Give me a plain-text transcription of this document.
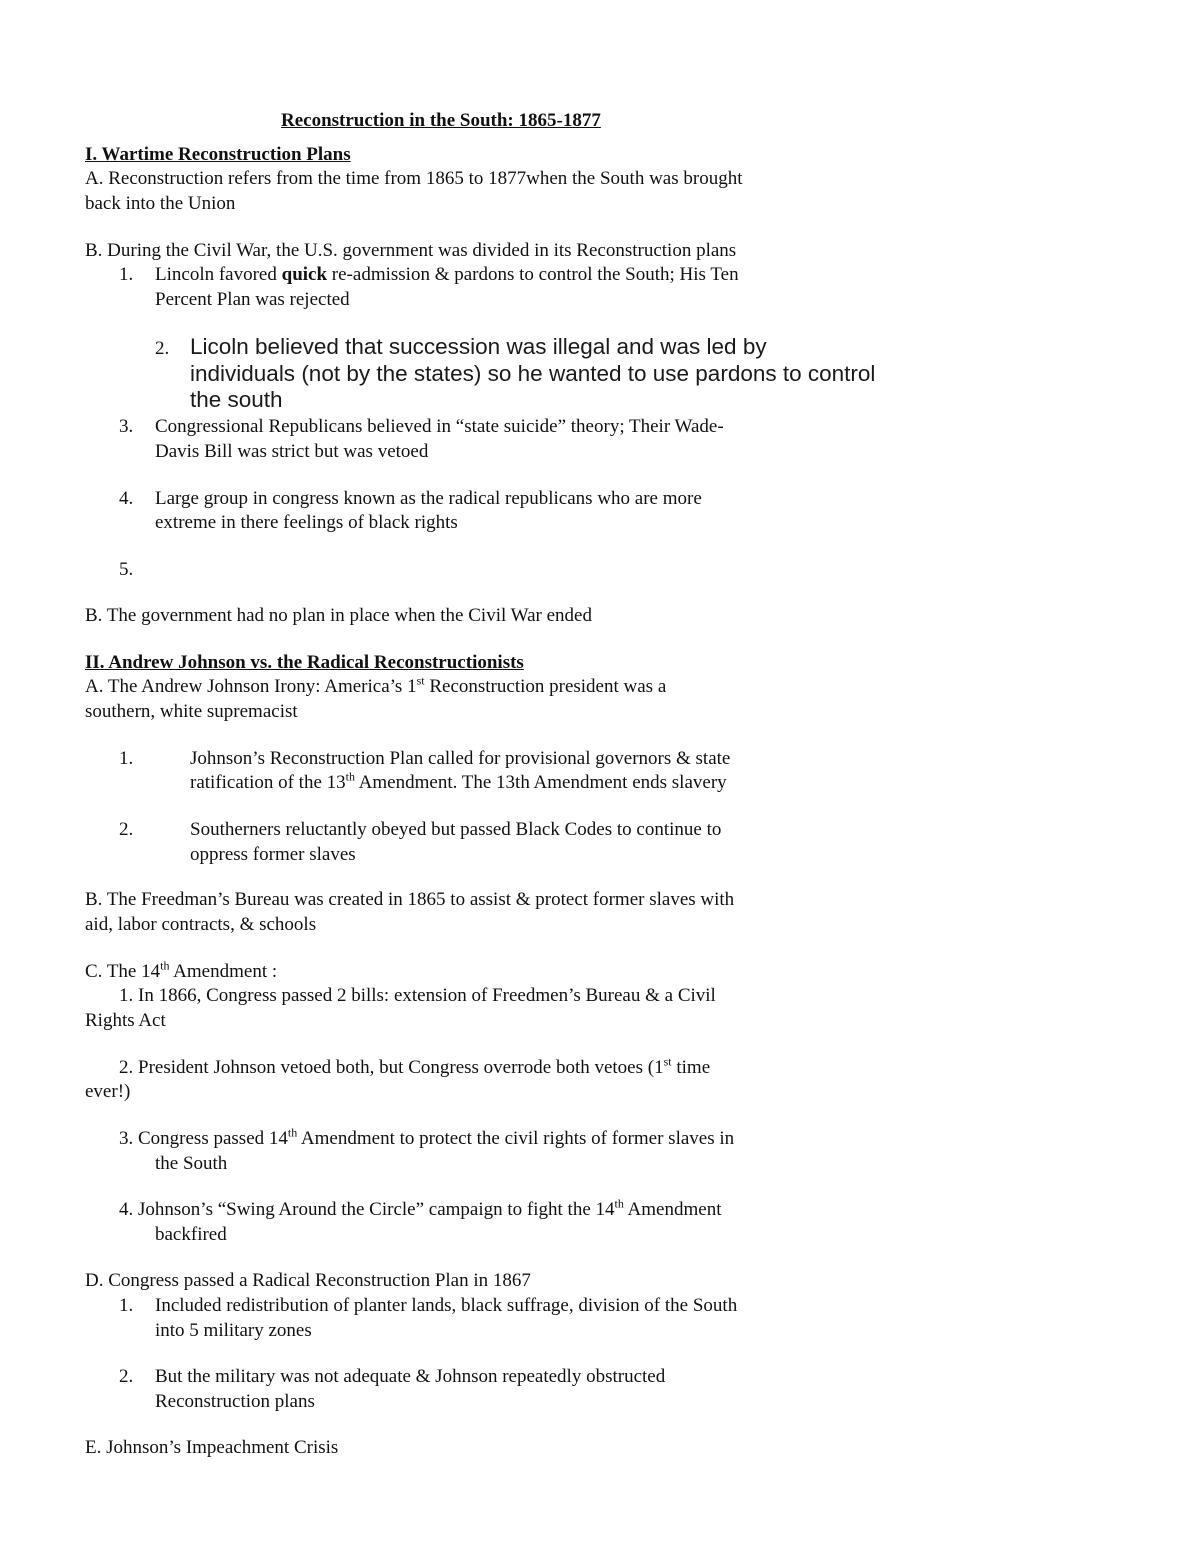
Reconstruction in the South: 1865-1877
I. Wartime Reconstruction Plans
A. Reconstruction refers from the time from 1865 to 1877when the South was brought
back into the Union
B. During the Civil War, the U.S. government was divided in its Reconstruction plans
1. Lincoln favored quick re-admission & pardons to control the South; His Ten
Percent Plan was rejected
2. Licoln believed that succession was illegal and was led by
individuals (not by the states) so he wanted to use pardons to control
the south
3. Congressional Republicans believed in “state suicide” theory; Their Wade-
Davis Bill was strict but was vetoed
4. Large group in congress known as the radical republicans who are more
extreme in there feelings of black rights
5.
B. The government had no plan in place when the Civil War ended
II. Andrew Johnson vs. the Radical Reconstructionists
A. The Andrew Johnson Irony: America’s 1st Reconstruction president was a
southern, white supremacist
1.	Johnson’s Reconstruction Plan called for provisional governors & state
ratification of the 13th Amendment. The 13th Amendment ends slavery
2.	Southerners reluctantly obeyed but passed Black Codes to continue to
oppress former slaves
B. The Freedman’s Bureau was created in 1865 to assist & protect former slaves with
aid, labor contracts, & schools
C. The 14th Amendment :
1. In 1866, Congress passed 2 bills: extension of Freedmen’s Bureau & a Civil
Rights Act
2. President Johnson vetoed both, but Congress overrode both vetoes (1st time
ever!)
3. Congress passed 14th Amendment to protect the civil rights of former slaves in
the South
4. Johnson’s “Swing Around the Circle” campaign to fight the 14th Amendment
backfired
D. Congress passed a Radical Reconstruction Plan in 1867
1. Included redistribution of planter lands, black suffrage, division of the South
into 5 military zones
2. But the military was not adequate & Johnson repeatedly obstructed
Reconstruction plans
E. Johnson’s Impeachment Crisis
